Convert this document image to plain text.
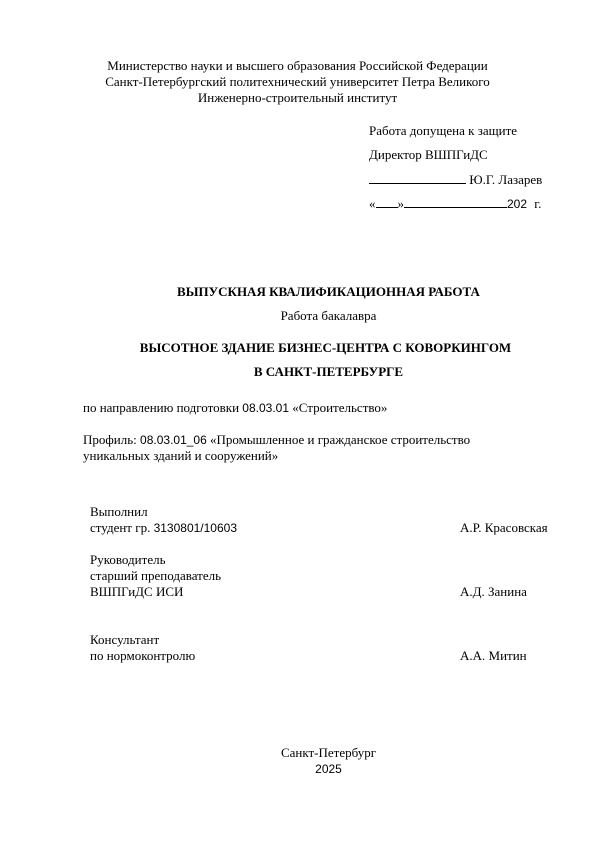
Министерство науки и высшего образования Российской Федерации
Санкт-Петербургский политехнический университет Петра Великого
Инженерно-строительный институт
Работа допущена к защите
Директор ВШПГиДС
Ю.Г. Лазарев
« »	202 г.
ВЫПУСКНАЯ КВАЛИФИКАЦИОННАЯ РАБОТА
Работа бакалавра
ВЫСОТНОЕ ЗДАНИЕ БИЗНЕС-ЦЕНТРА С КОВОРКИНГОМ
В САНКТ-ПЕТЕРБУРГЕ
по направлению подготовки 08.03.01 «Строительство»
Профиль: 08.03.01_06 «Промышленное и гражданское строительство
уникальных зданий и сооружений»
Выполнил
студент гр. 3130801/10603	А.Р. Красовская
Руководитель
старший преподаватель
ВШПГиДС ИСИ	А.Д. Занина
Консультант
по нормоконтролю	А.А. Митин
Санкт-Петербург
2025
